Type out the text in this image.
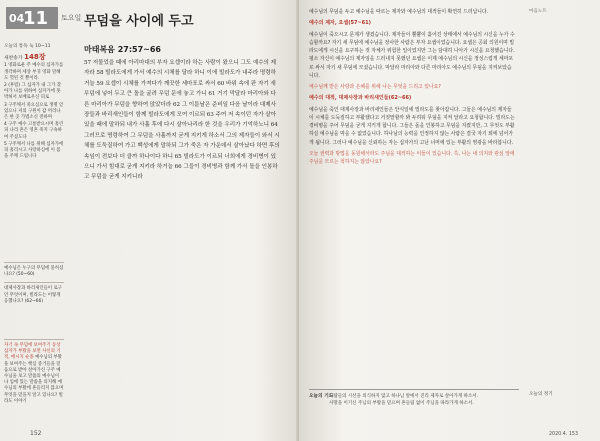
04
11 토요일 무덤을 사이에 두고
오늘의 통독 눅 10~11
새찬송가 148장

1 영화로운 주 예수의 십자가를 생각하며 세상 부귀 영화 말해도 헛된 것 뿐이라.

2 (후렴) 그 십자가 내 그가 찾아가 나를 위하여 십자가에 못 박혀서 보배로우신 피로

3 구주께서 죽으심으로 생명 얻었으니 저의 구원이 값 머리나 은 한 곳 가볍소신 전하며

4 구주 예수 고통받으시며 흘린 피 나리 흔은 영혼 죽지 구속하여 주셨도다

5 구주께서 나를 위해 십자가에 피 흘리시고 사랑하심에 이 몸을 주께 드립니다

예수님은 누구의 무덤에 묻히셨나요? (50~60)

대제사장과 바리새인들이 로구인 무엇이며, 빌라도는 어떻게 응했나요? (62~66)

자기 속 무덤에 보여주기 동상 십자가 부활을 보면 사신의 기적, 메시지 순종 예수님의 부활을 보여주는 핵심 증거들을 믿음으로 받아 살아가신 구주 예수님을 보고 말씀의 예수님이 나 입에 있는 말씀을 의지해 예수님의 부활에 흔들리지 않으며 무엇을 믿을지 알고 있나요? 빌라도 이야기
마태복음 27:57~66
57 저물었을 때에 아리마대의 부자 요셉이라 하는 사람이 왔으니 그도 예수의 제자라 58 빌라도에게 가서 예수의 시체를 달라 하니 이에 빌라도가 내주라 명령하거늘 59 요셉이 시체를 가져다가 깨끗한 세마포로 싸서 60 바위 속에 판 자기 새 무덤에 넣어 두고 큰 돌을 굴려 무덤 문에 놓고 가니 61 거기 막달라 마리아와 다른 마리아가 무덤을 향하여 앉았더라 62 그 이튿날은 준비일 다음 날이라 대제사장들과 바리새인들이 함께 빌라도에게 모여 이르되 63 주여 저 속이던 자가 살아 있을 때에 말하되 내가 사흘 후에 다시 살아나리라 한 것을 우리가 기억하노니 64 그러므로 명령하여 그 무덤을 사흘까지 굳게 지키게 하소서 그의 제자들이 와서 시체를 도둑질하여 가고 백성에게 말하되 그가 죽은 자 가운데서 살아났다 하면 후의 속임이 전보다 더 클까 하나이다 하니 65 빌라도가 이르되 너희에게 경비병이 있으니 가서 힘대로 굳게 지키라 하거늘 66 그들이 경비병과 함께 가서 돌을 인봉하고 무덤을 굳게 지키니라
152

예수님의 무덤을 두고 예수님을 따르는 제자와 예수님의 대적들이 확연히 드러납니다.

예수의 제자, 요셉(57~61)

예수님이 죽으시고 문제가 생겼습니다. 제자들이 뿔뿔이 흩어진 상태에서 예수님의 시신을 누가 수습할까요? 자기 새 무덤에 예수님을 장사한 사람은 부자 요셉이었습니다. 요셉은 공회 의원이며 빌라도에게 시신을 요구하는 것 자체가 위험한 일이었지만 그는 담대히 나아가 시신을 요청했습니다. 평소 자신이 예수님의 제자임을 드러내지 못했던 요셉은 이제 예수님의 시신을 정성스럽게 세마포로 싸서 자기 새 무덤에 모셨습니다. 막달라 마리아와 다른 마리아도 예수님의 무덤을 지켜보았습니다.

예수님께 받은 사랑과 은혜를 위해 나는 무엇을 드리고 있나요?

예수의 대적, 대제사장과 바리새인들(62~66)

예수님을 죽인 대제사장과 바리새인들은 안식일에 빌라도를 찾아갑니다. 그들은 예수님의 제자들이 시체를 도둑질하고 부활했다고 거짓말할까 봐 두려워 무덤을 지켜 달라고 요청합니다. 빌라도는 경비병을 주어 무덤을 굳게 지키게 합니다. 그들은 돌을 인봉하고 무덤을 지켰지만, 그 무엇도 부활하실 예수님을 막을 수 없었습니다. 하나님의 능력을 인정하지 않는 사람은 결국 자기 꾀에 넘어가게 됩니다. 그러나 예수님을 신뢰하는 자는 십자가의 고난 너머에 있는 부활의 영광을 바라봅니다.

오늘 권력과 방법을 동원해서라도 주님을 대적하는 이들이 있습니다. 혹, 나는 내 의지와 관심 앞에 주님을 모르는 척하지는 않았나요?

마음노트
오늘의 기도
사람들의 시선을 의식하지 않고 하나님 앞에서 진리 제자로 살아가게 하소서.
사망을 이기신 주님의 부활을 믿으며 흔들림 없이 주님을 따라가게 하소서.
오늘의 정기
2020.4. 153
